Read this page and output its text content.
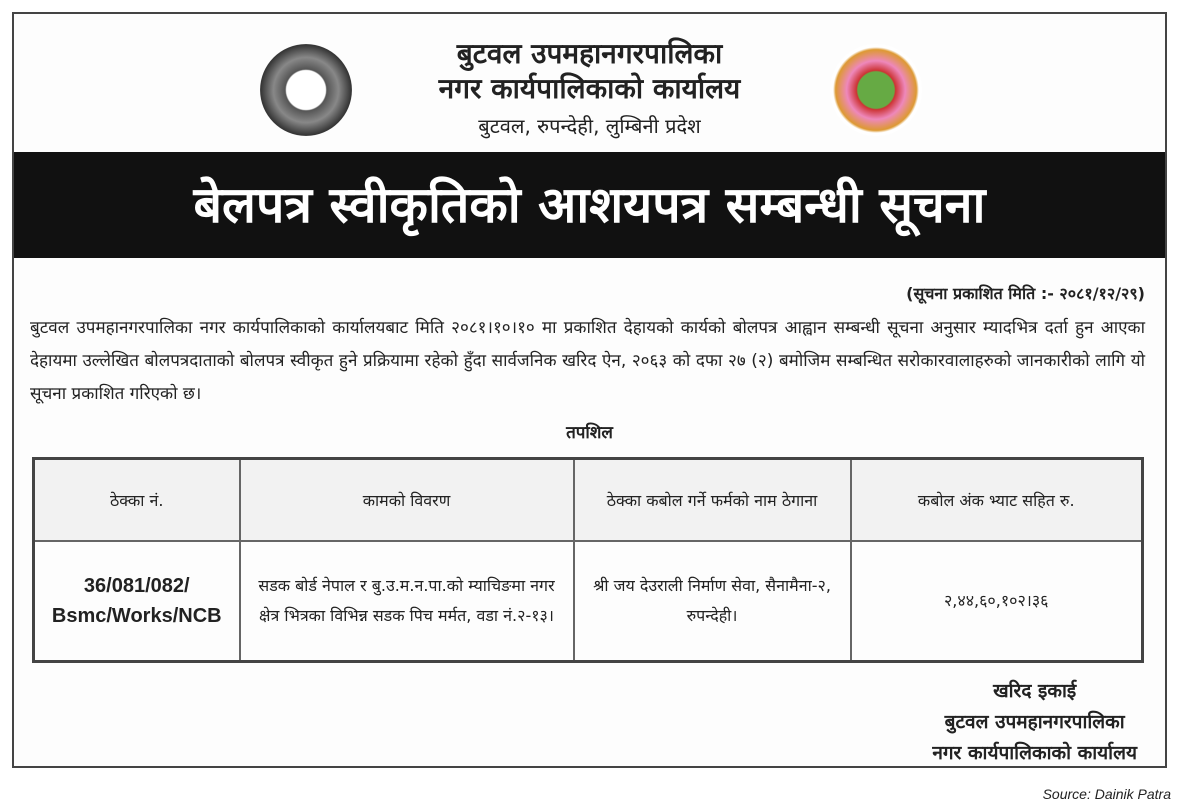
बुटवल उपमहानगरपालिका
नगर कार्यपालिकाको कार्यालय
बुटवल, रुपन्देही, लुम्बिनी प्रदेश
बेलपत्र स्वीकृतिको आशयपत्र सम्बन्धी सूचना
(सूचना प्रकाशित मिति :- २०८१/१२/२९)
बुटवल उपमहानगरपालिका नगर कार्यपालिकाको कार्यालयबाट मिति २०८१।१०।१० मा प्रकाशित देहायको कार्यको बोलपत्र आह्वान सम्बन्धी सूचना अनुसार म्यादभित्र दर्ता हुन आएका देहायमा उल्लेखित बोलपत्रदाताको बोलपत्र स्वीकृत हुने प्रक्रियामा रहेको हुँदा सार्वजनिक खरिद ऐन, २०६३ को दफा २७ (२) बमोजिम सम्बन्धित सरोकारवालाहरुको जानकारीको लागि यो सूचना प्रकाशित गरिएको छ।
तपशिल
ठेक्का नं.	कामको विवरण	ठेक्का कबोल गर्ने फर्मको नाम ठेगाना	कबोल अंक भ्याट सहित रु.
36/081/082/ Bsmc/Works/NCB	सडक बोर्ड नेपाल र बु.उ.म.न.पा.को म्याचिङमा नगर क्षेत्र भित्रका विभिन्न सडक पिच मर्मत, वडा नं.२-१३।	श्री जय देउराली निर्माण सेवा, सैनामैना-२, रुपन्देही।	२,४४,६०,१०२।३६
खरिद इकाई
बुटवल उपमहानगरपालिका
नगर कार्यपालिकाको कार्यालय
Source: Dainik Patra
